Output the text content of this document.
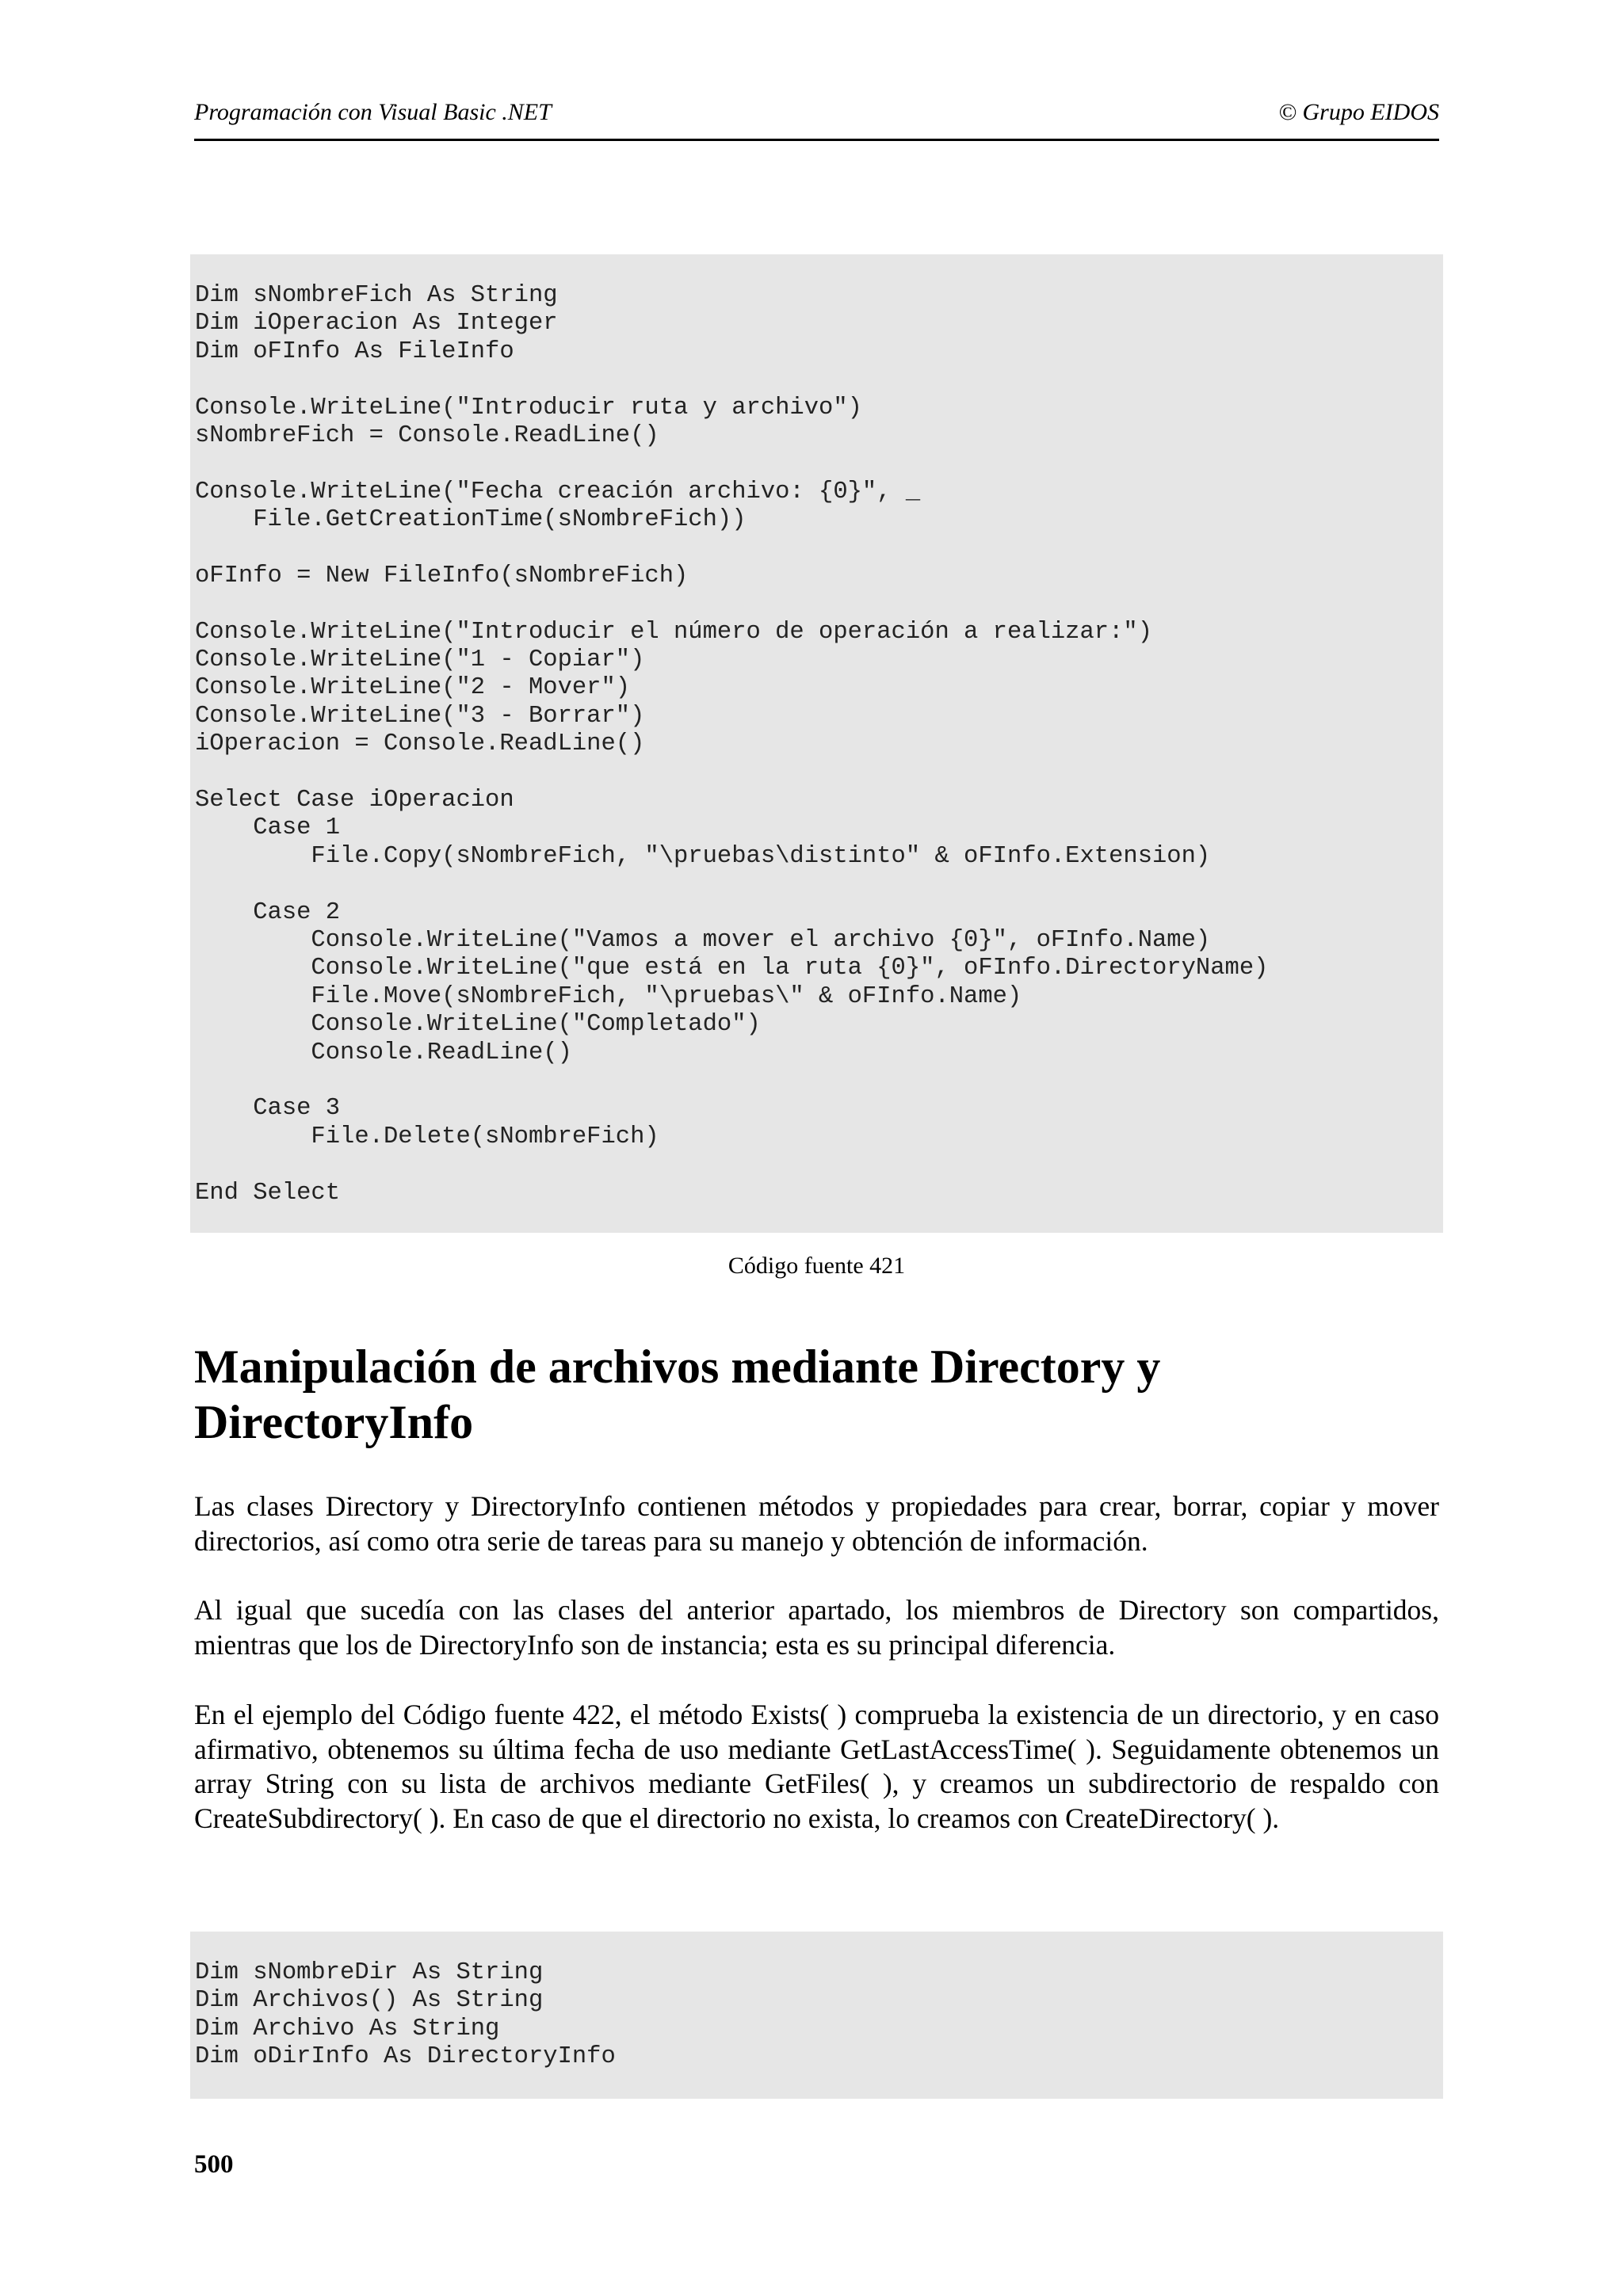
Programación con Visual Basic .NET	© Grupo EIDOS
Dim sNombreFich As String
Dim iOperacion As Integer
Dim oFInfo As FileInfo
Console.WriteLine("Introducir ruta y archivo")
sNombreFich = Console.ReadLine()
Console.WriteLine("Fecha creación archivo: {0}", _
File.GetCreationTime(sNombreFich))
oFInfo = New FileInfo(sNombreFich)
Console.WriteLine("Introducir el número de operación a realizar:")
Console.WriteLine("1 - Copiar")
Console.WriteLine("2 - Mover")
Console.WriteLine("3 - Borrar")
iOperacion = Console.ReadLine()
Select Case iOperacion
Case 1
File.Copy(sNombreFich, "\pruebas\distinto" & oFInfo.Extension)
Case 2
Console.WriteLine("Vamos a mover el archivo {0}", oFInfo.Name)
Console.WriteLine("que está en la ruta {0}", oFInfo.DirectoryName)
File.Move(sNombreFich, "\pruebas\" & oFInfo.Name)
Console.WriteLine("Completado")
Console.ReadLine()
Case 3
File.Delete(sNombreFich)
End Select
Código fuente 421
Manipulación de archivos mediante Directory y DirectoryInfo

Las clases Directory y DirectoryInfo contienen métodos y propiedades para crear, borrar, copiar y mover directorios, así como otra serie de tareas para su manejo y obtención de información.

Al igual que sucedía con las clases del anterior apartado, los miembros de Directory son compartidos, mientras que los de DirectoryInfo son de instancia; esta es su principal diferencia.

En el ejemplo del Código fuente 422, el método Exists( ) comprueba la existencia de un directorio, y en caso afirmativo, obtenemos su última fecha de uso mediante GetLastAccessTime( ). Seguidamente obtenemos un array String con su lista de archivos mediante GetFiles( ), y creamos un subdirectorio de respaldo con CreateSubdirectory( ). En caso de que el directorio no exista, lo creamos con CreateDirectory( ).

Dim sNombreDir As String
Dim Archivos() As String
Dim Archivo As String
Dim oDirInfo As DirectoryInfo
500
